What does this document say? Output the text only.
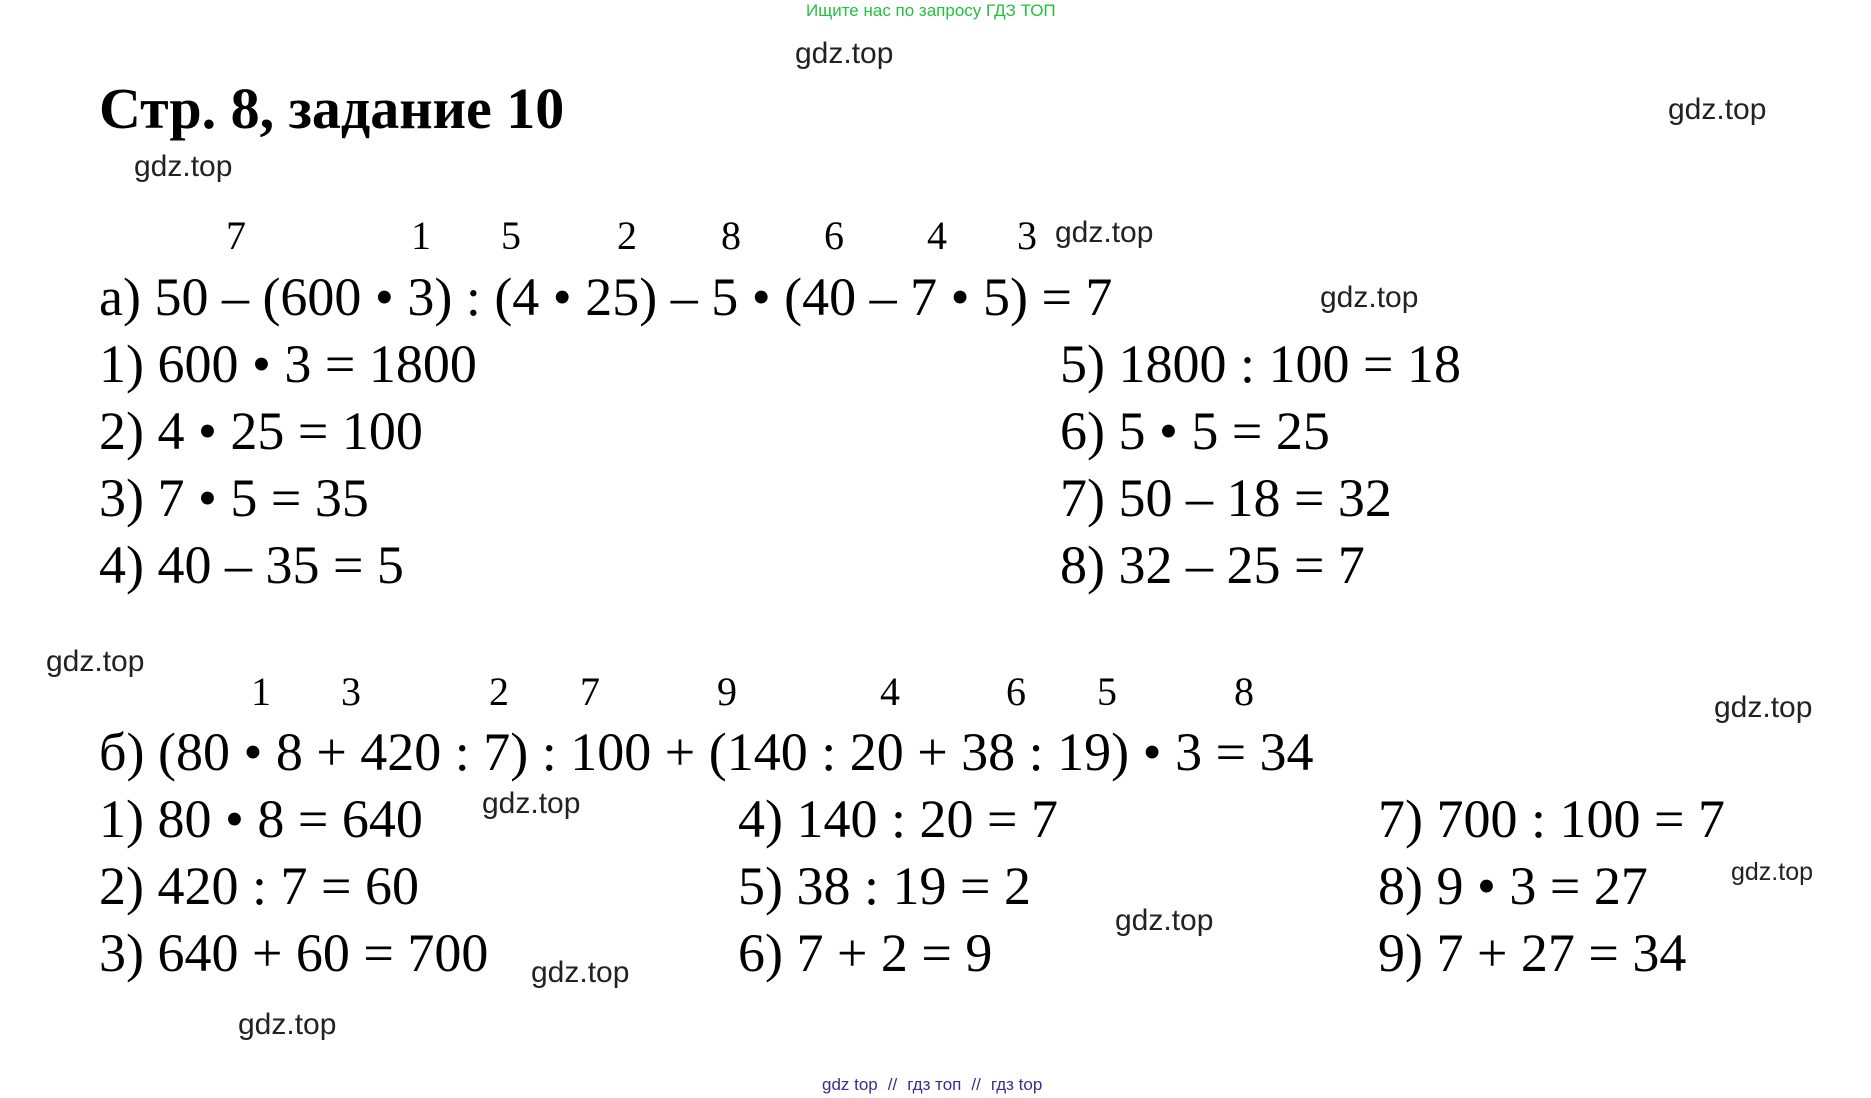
Ищите нас по запросу ГДЗ ТОП
gdz.top
gdz.top
gdz.top
gdz.top
gdz.top
gdz.top
gdz.top
gdz.top
gdz.top
gdz.top
gdz.top
gdz.top
Стр. 8, задание 10
7	1 5 2 8 6 4 3
а) 50 – (600 • 3) : (4 • 25) – 5 • (40 – 7 • 5) = 7
1) 600 • 3 = 1800
2) 4 • 25 = 100
3) 7 • 5 = 35
4) 40 – 35 = 5
5) 1800 : 100 = 18
6) 5 • 5 = 25
7) 50 – 18 = 32
8) 32 – 25 = 7
1 3	2 7	9	4	6 5	8
б) (80 • 8 + 420 : 7) : 100 + (140 : 20 + 38 : 19) • 3 = 34
1) 80 • 8 = 640
2) 420 : 7 = 60
3) 640 + 60 = 700
4) 140 : 20 = 7
5) 38 : 19 = 2
6) 7 + 2 = 9
7) 700 : 100 = 7
8) 9 • 3 = 27
9) 7 + 27 = 34
gdz top // гдз топ // гдз top
